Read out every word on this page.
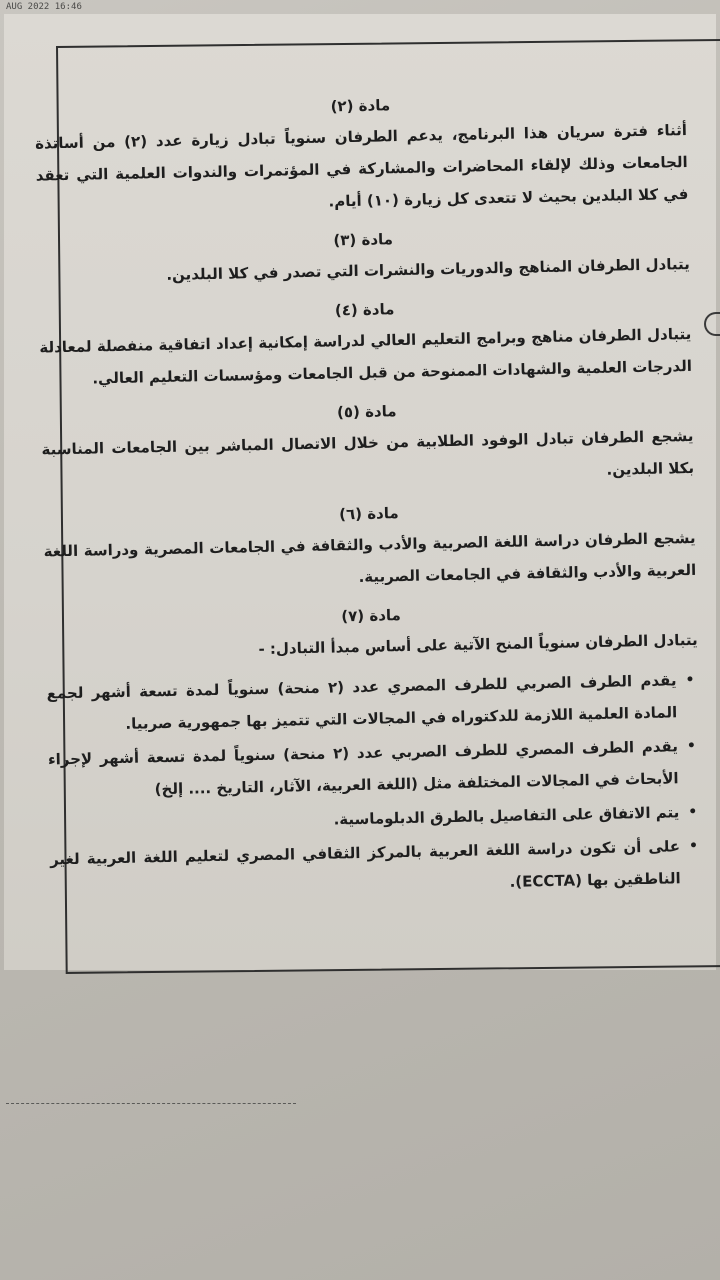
AUG 2022 16:46
مادة (٢)

أثناء فترة سريان هذا البرنامج، يدعم الطرفان سنوياً تبادل زيارة عدد (٢) من أساتذة الجامعات وذلك لإلقاء المحاضرات والمشاركة في المؤتمرات والندوات العلمية التي تعقد في كلا البلدين بحيث لا تتعدى كل زيارة (١٠) أيام.

مادة (٣)

يتبادل الطرفان المناهج والدوريات والنشرات التي تصدر في كلا البلدين.

مادة (٤)

يتبادل الطرفان مناهج وبرامج التعليم العالي لدراسة إمكانية إعداد اتفاقية منفصلة لمعادلة الدرجات العلمية والشهادات الممنوحة من قبل الجامعات ومؤسسات التعليم العالي.

مادة (٥)

يشجع الطرفان تبادل الوفود الطلابية من خلال الاتصال المباشر بين الجامعات المناسبة بكلا البلدين.

مادة (٦)

يشجع الطرفان دراسة اللغة الصربية والأدب والثقافة في الجامعات المصرية ودراسة اللغة العربية والأدب والثقافة في الجامعات الصربية.

مادة (٧)

يتبادل الطرفان سنوياً المنح الآتية على أساس مبدأ التبادل: -

•
يقدم الطرف الصربي للطرف المصري عدد (٢ منحة) سنوياً لمدة تسعة أشهر لجمع المادة العلمية اللازمة للدكتوراه في المجالات التي تتميز بها جمهورية صربيا.
•
يقدم الطرف المصري للطرف الصربي عدد (٢ منحة) سنوياً لمدة تسعة أشهر لإجراء الأبحاث في المجالات المختلفة مثل (اللغة العربية، الآثار، التاريخ .... إلخ)
•
يتم الاتفاق على التفاصيل بالطرق الدبلوماسية.
•
على أن تكون دراسة اللغة العربية بالمركز الثقافي المصري لتعليم اللغة العربية لغير الناطقين بها (ECCTA).
